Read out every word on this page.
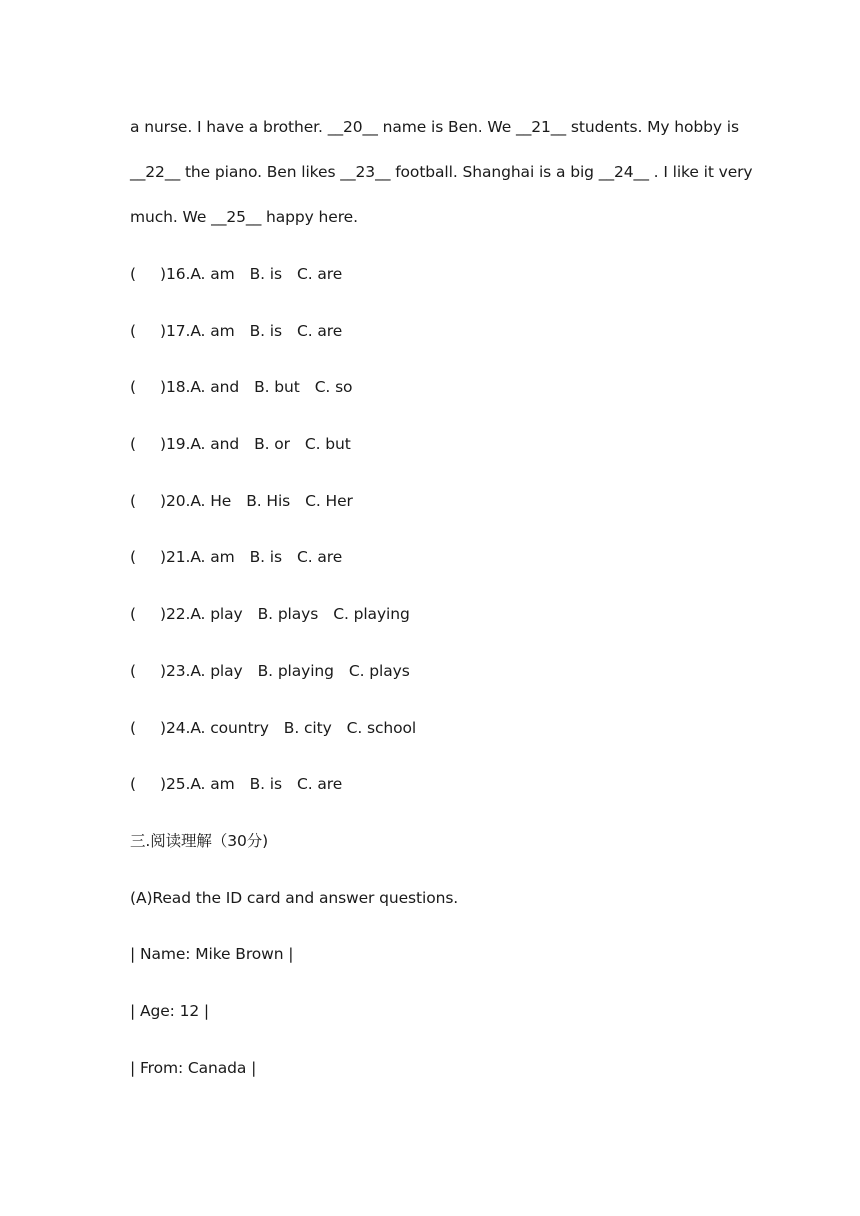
a nurse. I have a brother. __20__ name is Ben. We __21__ students. My hobby is
__22__ the piano. Ben likes __23__ football. Shanghai is a big __24__ . I like it very
much. We __25__ happy here.
(	) 16. A. am B. is C. are
(	) 17. A. am B. is C. are
(	) 18. A. and B. but C. so
(	) 19. A. and B. or C. but
(	) 20. A. He B. His C. Her
(	) 21. A. am B. is C. are
(	) 22. A. play B. plays C. playing
(	) 23. A. play B. playing C. plays
(	) 24. A. country B. city C. school
(	) 25. A. am B. is C. are
三.阅读理解（30分)
(A)Read the ID card and answer questions.
| Name: Mike Brown |
| Age: 12 |
| From: Canada |
